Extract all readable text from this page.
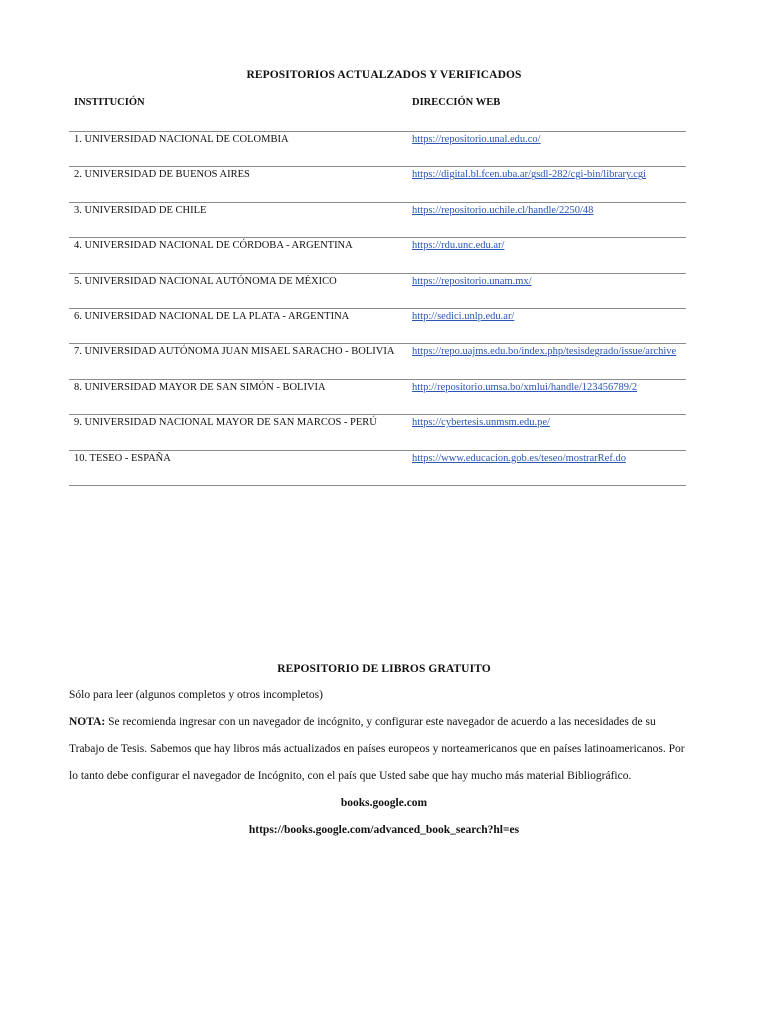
REPOSITORIOS ACTUALZADOS Y VERIFICADOS
INSTITUCIÓN	DIRECCIÓN WEB
1. UNIVERSIDAD NACIONAL DE COLOMBIA	https://repositorio.unal.edu.co/
2. UNIVERSIDAD DE BUENOS AIRES	https://digital.bl.fcen.uba.ar/gsdl-282/cgi-bin/library.cgi
3. UNIVERSIDAD DE CHILE	https://repositorio.uchile.cl/handle/2250/48
4. UNIVERSIDAD NACIONAL DE CÓRDOBA - ARGENTINA	https://rdu.unc.edu.ar/
5. UNIVERSIDAD NACIONAL AUTÓNOMA DE MÉXICO	https://repositorio.unam.mx/
6. UNIVERSIDAD NACIONAL DE LA PLATA - ARGENTINA	http://sedici.unlp.edu.ar/
7. UNIVERSIDAD AUTÓNOMA JUAN MISAEL SARACHO - BOLIVIA https://repo.uajms.edu.bo/index.php/tesisdegrado/issue/archive
8. UNIVERSIDAD MAYOR DE SAN SIMÓN - BOLIVIA	http://repositorio.umsa.bo/xmlui/handle/123456789/2
9. UNIVERSIDAD NACIONAL MAYOR DE SAN MARCOS - PERÚ	https://cybertesis.unmsm.edu.pe/
10. TESEO - ESPAÑA	https://www.educacion.gob.es/teseo/mostrarRef.do
REPOSITORIO DE LIBROS GRATUITO
Sólo para leer (algunos completos y otros incompletos)
NOTA: Se recomienda ingresar con un navegador de incógnito, y configurar este navegador de acuerdo a las necesidades de su
Trabajo de Tesis. Sabemos que hay libros más actualizados en países europeos y norteamericanos que en países latinoamericanos. Por
lo tanto debe configurar el navegador de Incógnito, con el país que Usted sabe que hay mucho más material Bibliográfico.
books.google.com
https://books.google.com/advanced_book_search?hl=es
